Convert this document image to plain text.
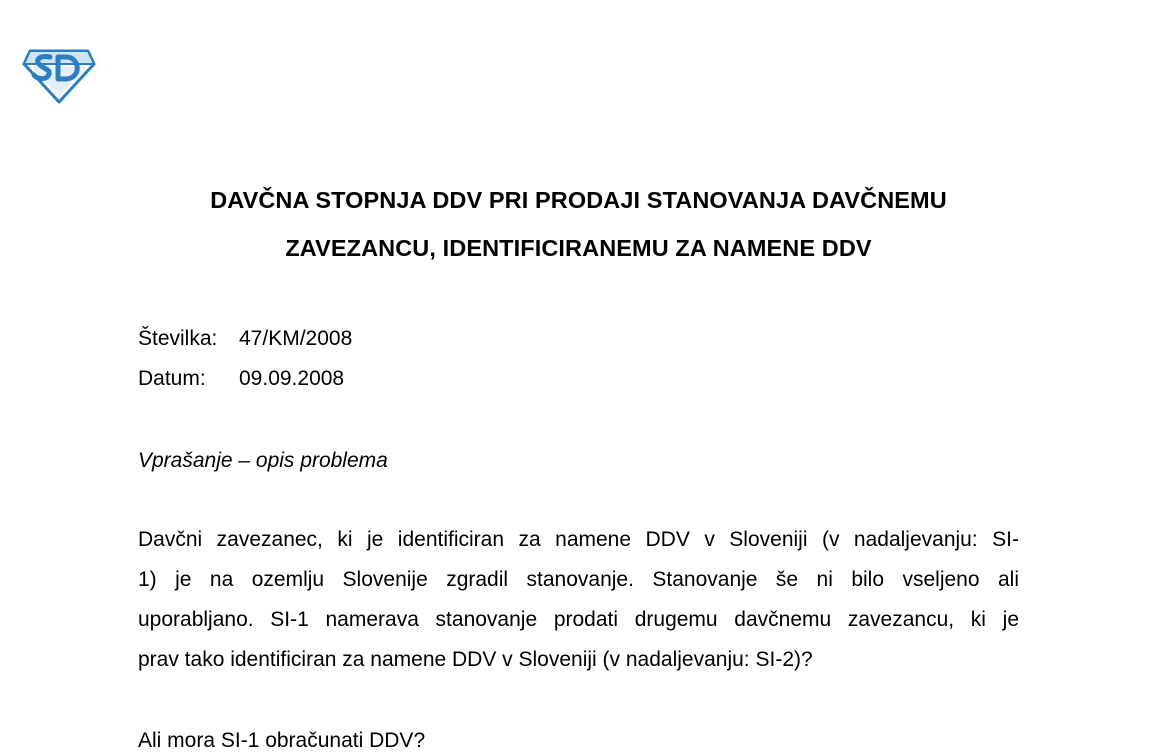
DAVČNA STOPNJA DDV PRI PRODAJI STANOVANJA DAVČNEMU
ZAVEZANCU, IDENTIFICIRANEMU ZA NAMENE DDV
Številka:	47/KM/2008
Datum:	09.09.2008
Vprašanje – opis problema
Davčni zavezanec, ki je identificiran za namene DDV v Sloveniji (v nadaljevanju: SI-
1) je na ozemlju Slovenije zgradil stanovanje. Stanovanje še ni bilo vseljeno ali
uporabljano. SI-1 namerava stanovanje prodati drugemu davčnemu zavezancu, ki je
prav tako identificiran za namene DDV v Sloveniji (v nadaljevanju: SI-2)?
Ali mora SI-1 obračunati DDV?
